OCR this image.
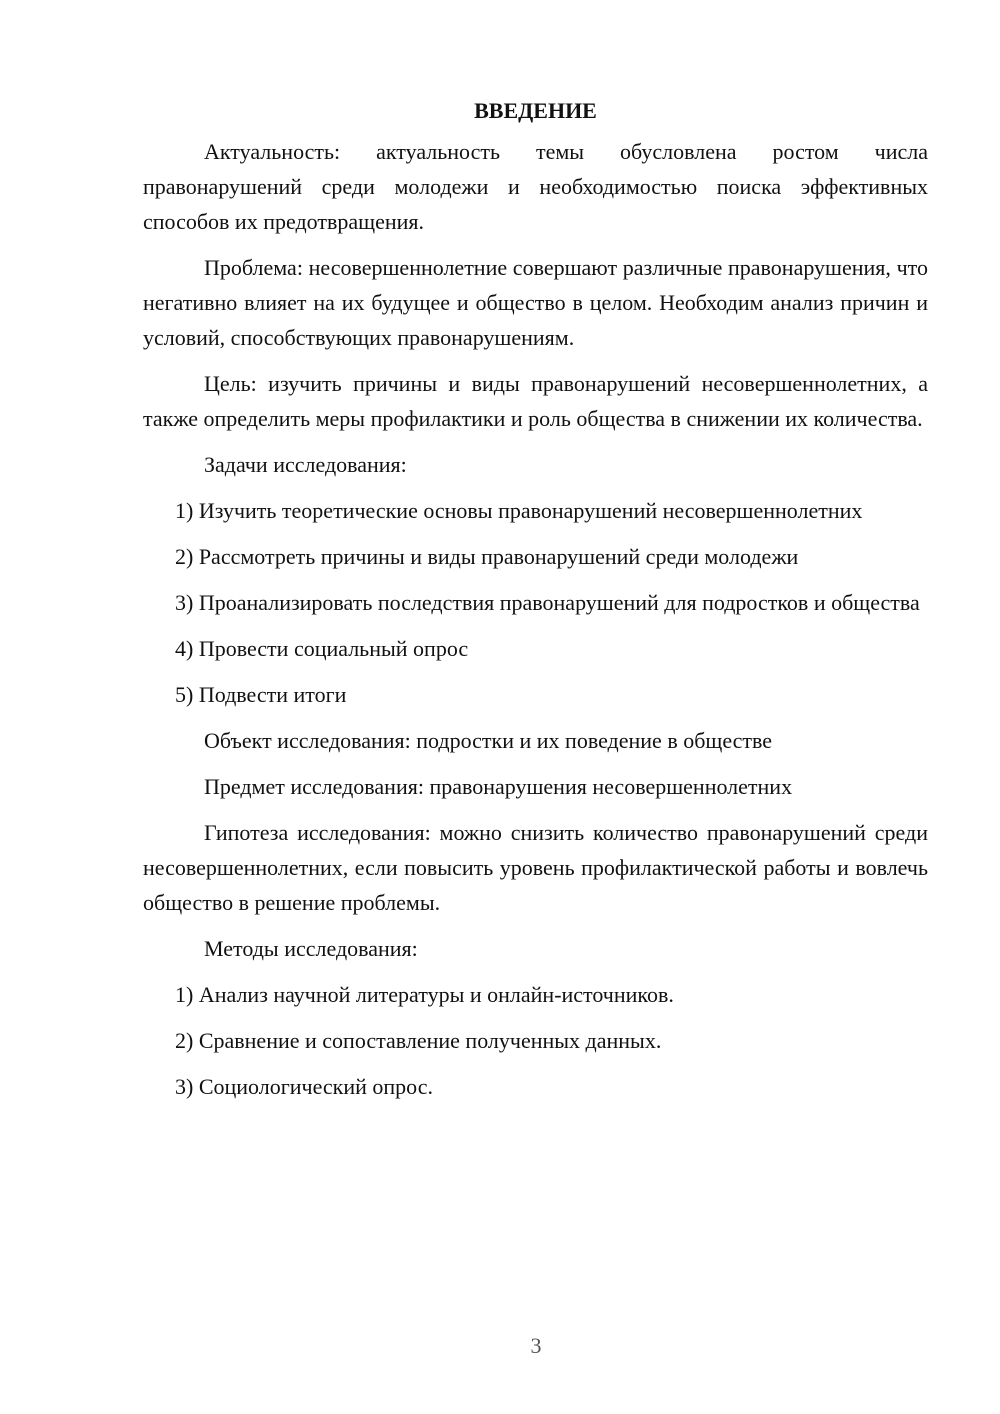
ВВЕДЕНИЕ

Актуальность: актуальность темы обусловлена ростом числа правонарушений среди молодежи и необходимостью поиска эффективных способов их предотвращения.

Проблема: несовершеннолетние совершают различные правонарушения, что негативно влияет на их будущее и общество в целом. Необходим анализ причин и условий, способствующих правонарушениям.

Цель: изучить причины и виды правонарушений несовершеннолетних, а также определить меры профилактики и роль общества в снижении их количества.

Задачи исследования:

1) Изучить теоретические основы правонарушений несовершеннолетних

2) Рассмотреть причины и виды правонарушений среди молодежи

3) Проанализировать последствия правонарушений для подростков и общества

4) Провести социальный опрос

5) Подвести итоги

Объект исследования: подростки и их поведение в обществе

Предмет исследования: правонарушения несовершеннолетних

Гипотеза исследования: можно снизить количество правонарушений среди несовершеннолетних, если повысить уровень профилактической работы и вовлечь общество в решение проблемы.

Методы исследования:

1) Анализ научной литературы и онлайн-источников.

2) Сравнение и сопоставление полученных данных.

3) Социологический опрос.

3
